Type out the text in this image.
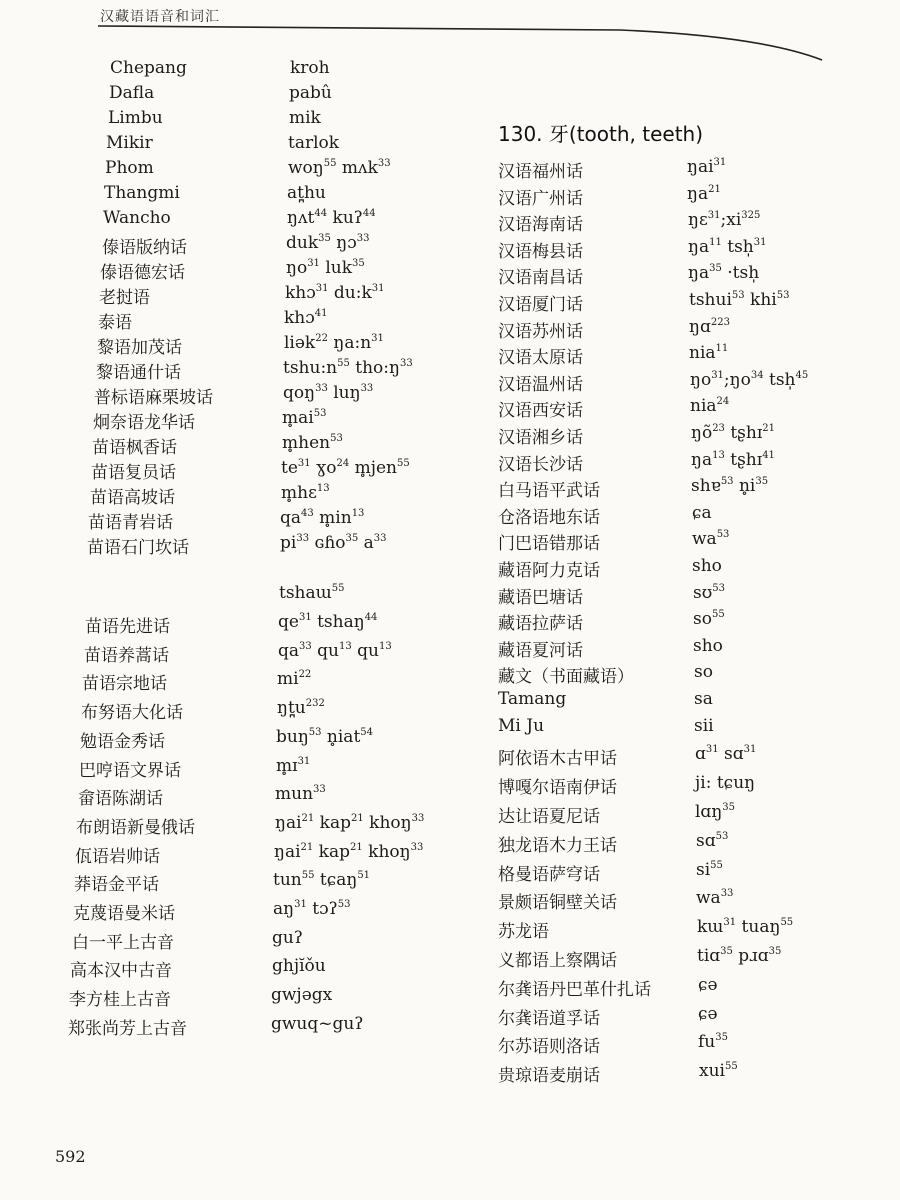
汉藏语语音和词汇
130. 牙(tooth, teeth)
Chepang	kroh
Dafla	pabû
Limbu	mik
Mikir	tarlok
Phom	woŋ$^{55}$ mʌk$^{33}$
Thangmi	at̪hu
Wancho	ŋʌt$^{44}$ kuʔ$^{44}$
傣语版纳话	duk$^{35}$ ŋɔ$^{33}$
傣语德宏话	$ŋo^{31}$ luk$^{35}$
老挝语	khɔ$^{31}$ $du:k^{31}$
泰语	khɔ$^{41}$
黎语加茂话	liək$^{22}$ $ŋa:n^{31}$
黎语通什话	$tshu:n^{55}$ $tho:ŋ^{33}$
普标语麻栗坡话	qoŋ$^{33}$ luŋ$^{33}$
炯奈语龙华话	$m̥ai^{53}$
苗语枫香话	m̥hen$^{53}$
苗语复员话	$te^{31}$ ɣo$^{24}$ m̥jen$^{55}$
苗语高坡话	m̥hɛ$^{13}$
苗语青岩话	$qa^{43}$ $m̥in^{13}$
苗语石门坎话	$pi^{33}$ ɢɦo$^{35}$ $a^{33}$
tshaɯ$^{55}$
苗语先进话	$qe^{31}$ tshaŋ$^{44}$
苗语养蒿话	$qa^{33}$ $qu^{13}$ $qu^{13}$
苗语宗地话	$mi^{22}$
布努语大化话	$ŋt̪u^{232}$
勉语金秀话	buŋ$^{53}$ n̥iat$^{54}$
巴哼语文界话	m̥ɪ$^{31}$
畲语陈湖话	mun$^{33}$
布朗语新曼俄话	ŋai$^{21}$ kap$^{21}$ khoŋ$^{33}$
佤语岩帅话	ŋai$^{21}$ kap$^{21}$ khoŋ$^{33}$
莽语金平话	tun$^{55}$ tɕaŋ$^{51}$
克蔑语曼米话	$aŋ^{31}$ tɔʔ$^{53}$
白一平上古音	guʔ
高本汉中古音	ghjĭǒu
李方桂上古音	gwjəgx
郑张尚芳上古音	gwuq~guʔ
汉语福州话	ŋai$^{31}$
汉语广州话	$ŋa^{21}$
汉语海南话	$ŋɛ^{31};xi^{325}$
汉语梅县话	$ŋa^{11}$ tsh̩$^{31}$
汉语南昌话	$ŋa^{35}$ ·tsh̩
汉语厦门话	tshui$^{53}$ khi$^{53}$
汉语苏州话	ŋɑ$^{223}$
汉语太原话	nia$^{11}$
汉语温州话	$ŋo^{31};ŋo^{34}$ tsh̩$^{45}$
汉语西安话	nia$^{24}$
汉语湘乡话	$ŋõ^{23}$ tʂhɪ$^{21}$
汉语长沙话	$ŋa^{13}$ tʂhɪ$^{41}$
白马语平武话	shɐ$^{53}$ $n̥i^{35}$
仓洛语地东话	ɕa
门巴语错那话	$wa^{53}$
藏语阿力克话	sho
藏语巴塘话	sʊ$^{53}$
藏语拉萨话	$so^{55}$
藏语夏河话	sho
藏文（书面藏语）	so
Tamang	sa
Mi Ju	sii
阿依语木古甲话	ɑ$^{31}$ sɑ$^{31}$
博嘎尔语南伊话	ji: tɕuŋ
达让语夏尼话	lɑŋ$^{35}$
独龙语木力王话	sɑ$^{53}$
格曼语萨穹话	$si^{55}$
景颇语铜壁关话	$wa^{33}$
苏龙语	kɯ$^{31}$ tuaŋ$^{55}$
义都语上察隅话	tiɑ$^{35}$ pɹɑ$^{35}$
尔龚语丹巴革什扎话	ɕə
尔龚语道孚话	ɕə
尔苏语则洛话	$fu^{35}$
贵琼语麦崩话	xui$^{55}$
592
